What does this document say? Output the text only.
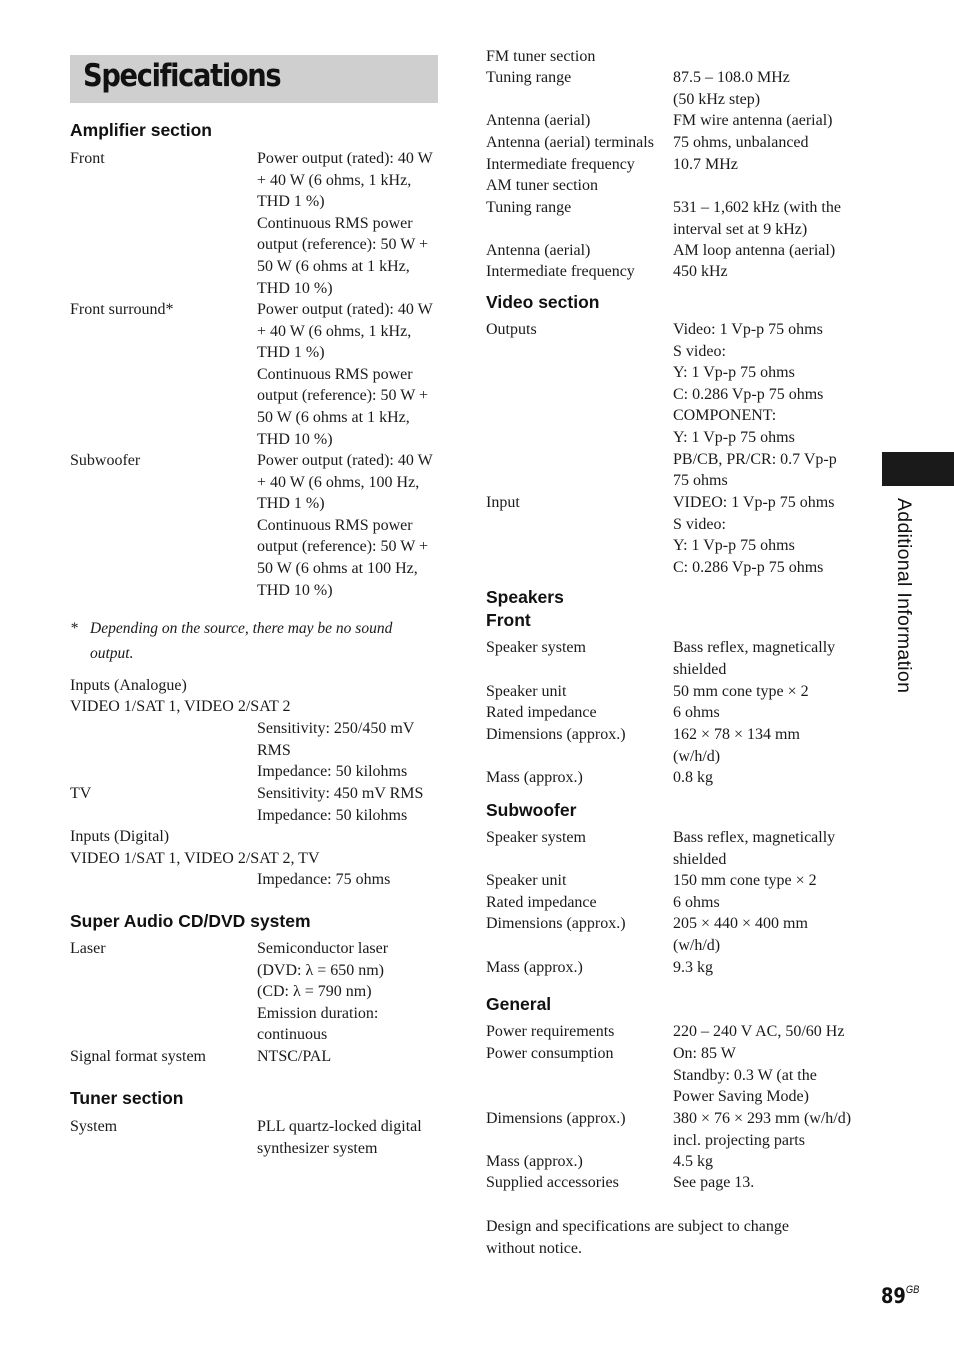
Specifications
Amplifier section
Front	Power output (rated): 40 W
+ 40 W (6 ohms, 1 kHz,
THD 1 %)
Continuous RMS power
output (reference): 50 W +
50 W (6 ohms at 1 kHz,
THD 10 %)
Front surround*	Power output (rated): 40 W
+ 40 W (6 ohms, 1 kHz,
THD 1 %)
Continuous RMS power
output (reference): 50 W +
50 W (6 ohms at 1 kHz,
THD 10 %)
Subwoofer	Power output (rated): 40 W
+ 40 W (6 ohms, 100 Hz,
THD 1 %)
Continuous RMS power
output (reference): 50 W +
50 W (6 ohms at 100 Hz,
THD 10 %)
* Depending on the source, there may be no sound
output.
Inputs (Analogue)
VIDEO 1/SAT 1, VIDEO 2/SAT 2
Sensitivity: 250/450 mV
RMS
Impedance: 50 kilohms
TV	Sensitivity: 450 mV RMS
Impedance: 50 kilohms
Inputs (Digital)
VIDEO 1/SAT 1, VIDEO 2/SAT 2, TV
Impedance: 75 ohms
Super Audio CD/DVD system
Laser	Semiconductor laser
(DVD: λ = 650 nm)
(CD: λ = 790 nm)
Emission duration:
continuous
Signal format system	NTSC/PAL
Tuner section
System	PLL quartz-locked digital
synthesizer system
FM tuner section
Tuning range	87.5 – 108.0 MHz
(50 kHz step)
Antenna (aerial)	FM wire antenna (aerial)
Antenna (aerial) terminals 75 ohms, unbalanced
Intermediate frequency 10.7 MHz
AM tuner section
Tuning range	531 – 1,602 kHz (with the
interval set at 9 kHz)
Antenna (aerial)	AM loop antenna (aerial)
Intermediate frequency 450 kHz
Video section
Outputs	Video: 1 Vp-p 75 ohms
S video:
Y: 1 Vp-p 75 ohms
C: 0.286 Vp-p 75 ohms
COMPONENT:
Y: 1 Vp-p 75 ohms
PB/CB, PR/CR: 0.7 Vp-p
75 ohms
Input	VIDEO: 1 Vp-p 75 ohms
S video:
Y: 1 Vp-p 75 ohms
C: 0.286 Vp-p 75 ohms
Speakers
Front
Speaker system	Bass reflex, magnetically
shielded
Speaker unit	50 mm cone type × 2
Rated impedance	6 ohms
Dimensions (approx.)	162 × 78 × 134 mm
(w/h/d)
Mass (approx.)	0.8 kg
Subwoofer
Speaker system	Bass reflex, magnetically
shielded
Speaker unit	150 mm cone type × 2
Rated impedance	6 ohms
Dimensions (approx.)	205 × 440 × 400 mm
(w/h/d)
Mass (approx.)	9.3 kg
General
Power requirements	220 – 240 V AC, 50/60 Hz
Power consumption	On: 85 W
Standby: 0.3 W (at the
Power Saving Mode)
Dimensions (approx.)	380 × 76 × 293 mm (w/h/d)
incl. projecting parts
Mass (approx.)	4.5 kg
Supplied accessories	See page 13.
Design and specifications are subject to change
without notice.
Additional Information
$89^{GB}$
